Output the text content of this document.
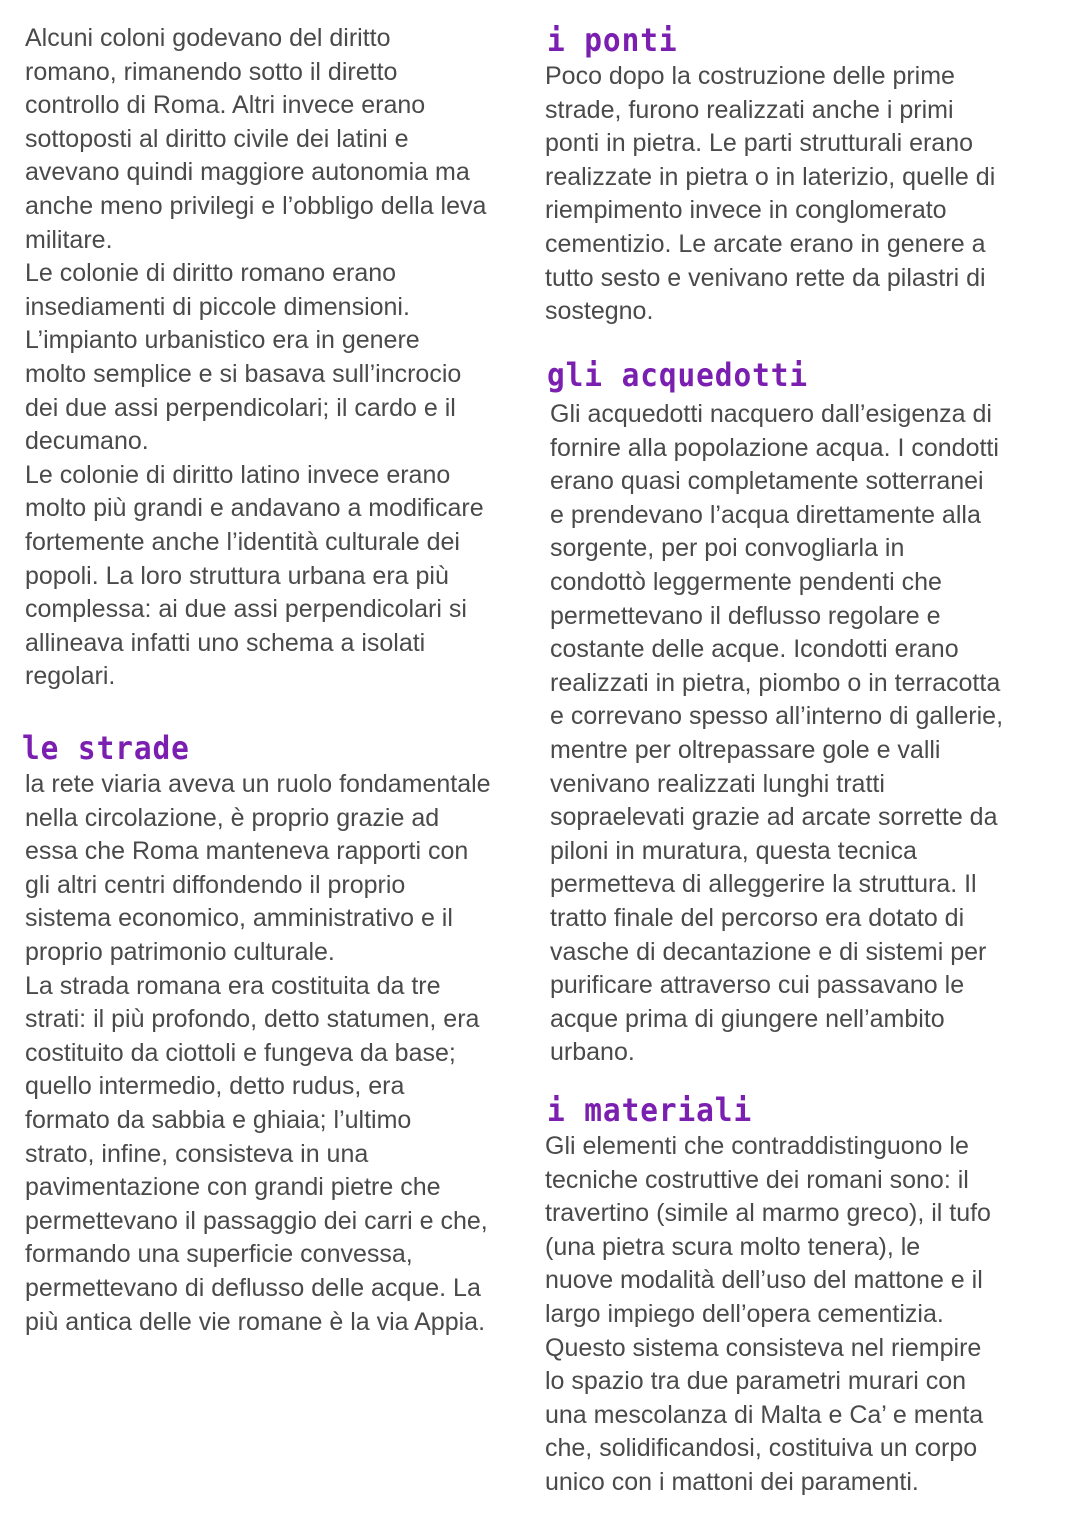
Alcuni coloni godevano del diritto
romano, rimanendo sotto il diretto
controllo di Roma. Altri invece erano
sottoposti al diritto civile dei latini e
avevano quindi maggiore autonomia ma
anche meno privilegi e l’obbligo della leva
militare.
Le colonie di diritto romano erano
insediamenti di piccole dimensioni.
L’impianto urbanistico era in genere
molto semplice e si basava sull’incrocio
dei due assi perpendicolari; il cardo e il
decumano.
Le colonie di diritto latino invece erano
molto più grandi e andavano a modificare
fortemente anche l’identità culturale dei
popoli. La loro struttura urbana era più
complessa: ai due assi perpendicolari si
allineava infatti uno schema a isolati
regolari.

le strade

la rete viaria aveva un ruolo fondamentale
nella circolazione, è proprio grazie ad
essa che Roma manteneva rapporti con
gli altri centri diffondendo il proprio
sistema economico, amministrativo e il
proprio patrimonio culturale.
La strada romana era costituita da tre
strati: il più profondo, detto statumen, era
costituito da ciottoli e fungeva da base;
quello intermedio, detto rudus, era
formato da sabbia e ghiaia; l’ultimo
strato, infine, consisteva in una
pavimentazione con grandi pietre che
permettevano il passaggio dei carri e che,
formando una superficie convessa,
permettevano di deflusso delle acque. La
più antica delle vie romane è la via Appia.

i ponti

Poco dopo la costruzione delle prime
strade, furono realizzati anche i primi
ponti in pietra. Le parti strutturali erano
realizzate in pietra o in laterizio, quelle di
riempimento invece in conglomerato
cementizio. Le arcate erano in genere a
tutto sesto e venivano rette da pilastri di
sostegno.

gli acquedotti

Gli acquedotti nacquero dall’esigenza di
fornire alla popolazione acqua. I condotti
erano quasi completamente sotterranei
e prendevano l’acqua direttamente alla
sorgente, per poi convogliarla in
condottò leggermente pendenti che
permettevano il deflusso regolare e
costante delle acque. Icondotti erano
realizzati in pietra, piombo o in terracotta
e correvano spesso all’interno di gallerie,
mentre per oltrepassare gole e valli
venivano realizzati lunghi tratti
sopraelevati grazie ad arcate sorrette da
piloni in muratura, questa tecnica
permetteva di alleggerire la struttura. Il
tratto finale del percorso era dotato di
vasche di decantazione e di sistemi per
purificare attraverso cui passavano le
acque prima di giungere nell’ambito
urbano.

i materiali

Gli elementi che contraddistinguono le
tecniche costruttive dei romani sono: il
travertino (simile al marmo greco), il tufo
(una pietra scura molto tenera), le
nuove modalità dell’uso del mattone e il
largo impiego dell’opera cementizia.
Questo sistema consisteva nel riempire
lo spazio tra due parametri murari con
una mescolanza di Malta e Ca’ e menta
che, solidificandosi, costituiva un corpo
unico con i mattoni dei paramenti.
